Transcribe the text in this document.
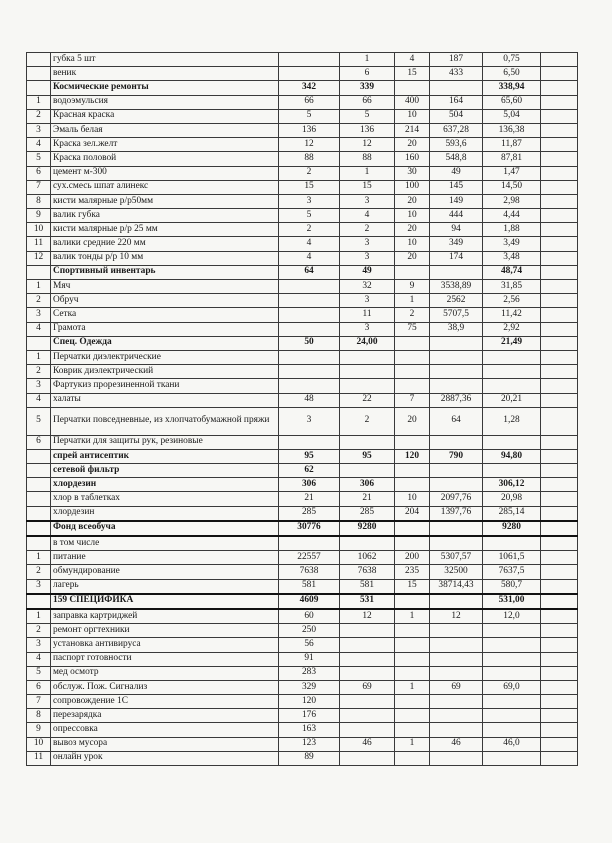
	губка 5 шт		1	4	187	0,75	
	веник		6	15	433	6,50	
	Космические ремонты	342	339			338,94	
1	водоэмульсия	66	66	400	164	65,60	
2	Красная краска	5	5	10	504	5,04	
3	Эмаль белая	136	136	214	637,28	136,38	
4	Краска зел.желт	12	12	20	593,6	11,87	
5	Краска половой	88	88	160	548,8	87,81	
6	цемент м-300	2	1	30	49	1,47	
7	сух.смесь шпат алинекс	15	15	100	145	14,50	
8	кисти малярные р/р50мм	3	3	20	149	2,98	
9	валик губка	5	4	10	444	4,44	
10	кисти малярные р/р 25 мм	2	2	20	94	1,88	
11	валики средние 220 мм	4	3	10	349	3,49	
12	валик тонды р/р 10 мм	4	3	20	174	3,48	
	Спортивный инвентарь	64	49			48,74	
1	Мяч		32	9	3538,89	31,85	
2	Обруч		3	1	2562	2,56	
3	Сетка		11	2	5707,5	11,42	
4	Грамота		3	75	38,9	2,92	
	Спец. Одежда	50	24,00			21,49	
1	Перчатки диэлектрические						
2	Коврик диэлектрический						
3	Фартукиз прорезиненной ткани						
4	халаты	48	22	7	2887,36	20,21	
5	Перчатки повседневные, из хлопчатобумажной пряжи	3	2	20	64	1,28	
6	Перчатки для защиты рук, резиновые						
	спрей антисептик	95	95	120	790	94,80	
	сетевой фильтр	62					
	хлордезин	306	306			306,12	
	хлор в таблетках	21	21	10	2097,76	20,98	
	хлордезин	285	285	204	1397,76	285,14	
	Фонд всеобуча	30776	9280			9280	
	в том числе						
1	питание	22557	1062	200	5307,57	1061,5	
2	обмундирование	7638	7638	235	32500	7637,5	
3	лагерь	581	581	15	38714,43	580,7	
	159 СПЕЦИФИКА	4609	531			531,00	
1	заправка картриджей	60	12	1	12	12,0	
2	ремонт оргтехники	250					
3	установка антивируса	56					
4	паспорт готовности	91					
5	мед осмотр	283					
6	обслуж. Пож. Сигнализ	329	69	1	69	69,0	
7	сопровождение 1С	120					
8	перезарядка	176					
9	опрессовка	163					
10	вывоз мусора	123	46	1	46	46,0	
11	онлайн урок	89					
